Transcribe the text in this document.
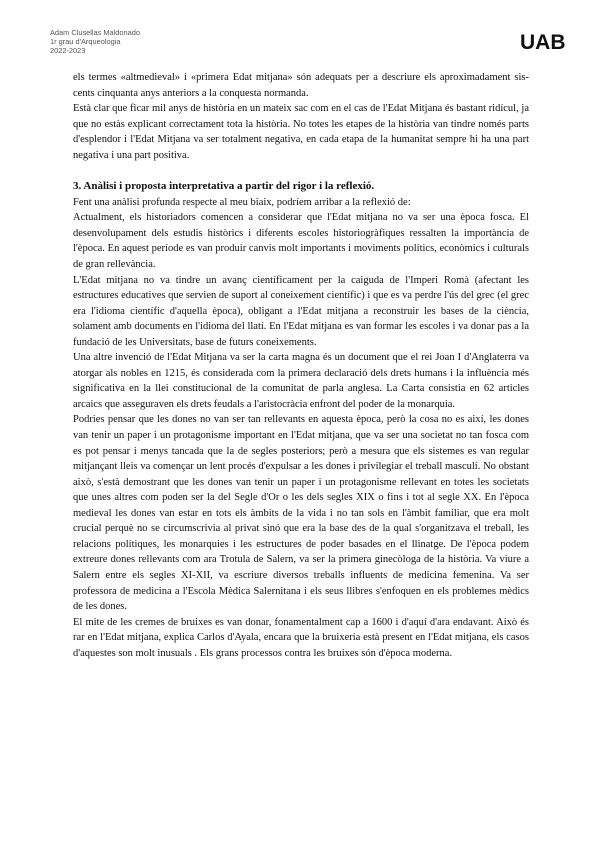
Adam Clusellas Maldonado
1r grau d'Arqueologia
2022-2023	UAB

els termes «altmedieval» i «primera Edat mitjana» són adequats per a descriure els aproximadament sis-cents cinquanta anys anteriors a la conquesta normanda.

Està clar que ficar mil anys de història en un mateix sac com en el cas de l'Edat Mitjana és bastant ridícul, ja que no estàs explicant correctament tota la història. No totes les etapes de la història van tindre només parts d'esplendor i l'Edat Mitjana va ser totalment negativa, en cada etapa de la humanitat sempre hi ha una part negativa i una part positiva.

3. Anàlisi i proposta interpretativa a partir del rigor i la reflexió.

Fent una anàlisi profunda respecte al meu biaix, podríem arribar a la reflexió de:

Actualment, els historiadors comencen a considerar que l'Edat mitjana no va ser una època fosca. El desenvolupament dels estudis històrics i diferents escoles historiogràfiques ressalten la importància de l'època. En aquest període es van produir canvis molt importants i moviments polítics, econòmics i culturals de gran rellevància.

L'Edat mitjana no va tindre un avanç científicament per la caiguda de l'Imperi Romà (afectant les estructures educatives que servien de suport al coneixement científic) i que es va perdre l'ús del grec (el grec era l'idioma científic d'aquella època), obligant a l'Edat mitjana a reconstruir les bases de la ciència, solament amb documents en l'idioma del llatí. En l'Edat mitjana es van formar les escoles i va donar pas a la fundació de les Universitats, base de futurs coneixements.

Una altre invenció de l'Edat Mitjana va ser la carta magna és un document que el rei Joan I d'Anglaterra va atorgar als nobles en 1215, és considerada com la primera declaració dels drets humans i la influència més significativa en la llei constitucional de la comunitat de parla anglesa. La Carta consistia en 62 articles arcaics que asseguraven els drets feudals a l'aristocràcia enfront del poder de la monarquia.

Podries pensar que les dones no van ser tan rellevants en aquesta època, però la cosa no es així, les dones van tenir un paper i un protagonisme important en l'Edat mitjana, que va ser una societat no tan fosca com es pot pensar i menys tancada que la de segles posteriors; però a mesura que els sistemes es van regular mitjançant lleis va començar un lent procés d'expulsar a les dones i privilegiar el treball masculí. No obstant això, s'està demostrant que les dones van tenir un paper i un protagonisme rellevant en totes les societats que unes altres com poden ser la del Segle d'Or o les dels segles XIX o fins i tot al segle XX. En l'època medieval les dones van estar en tots els àmbits de la vida i no tan sols en l'àmbit familiar, que era molt crucial perquè no se circumscrivia al privat sinó que era la base des de la qual s'organitzava el treball, les relacions polítiques, les monarquies i les estructures de poder basades en el llinatge. De l'època podem extreure dones rellevants com ara Trotula de Salern, va ser la primera ginecòloga de la història. Va viure a Salern entre els segles XI-XII, va escriure diversos treballs influents de medicina femenina. Va ser professora de medicina a l'Escola Mèdica Salernitana i els seus llibres s'enfoquen en els problemes mèdics de les dones.

El mite de les cremes de bruixes es van donar, fonamentalment cap a 1600 i d'aquí d'ara endavant. Això és rar en l'Edat mitjana, explica Carlos d'Ayala, encara que la bruixeria està present en l'Edat mitjana, els casos d'aquestes son molt inusuals . Els grans processos contra les bruixes són d'època moderna.
